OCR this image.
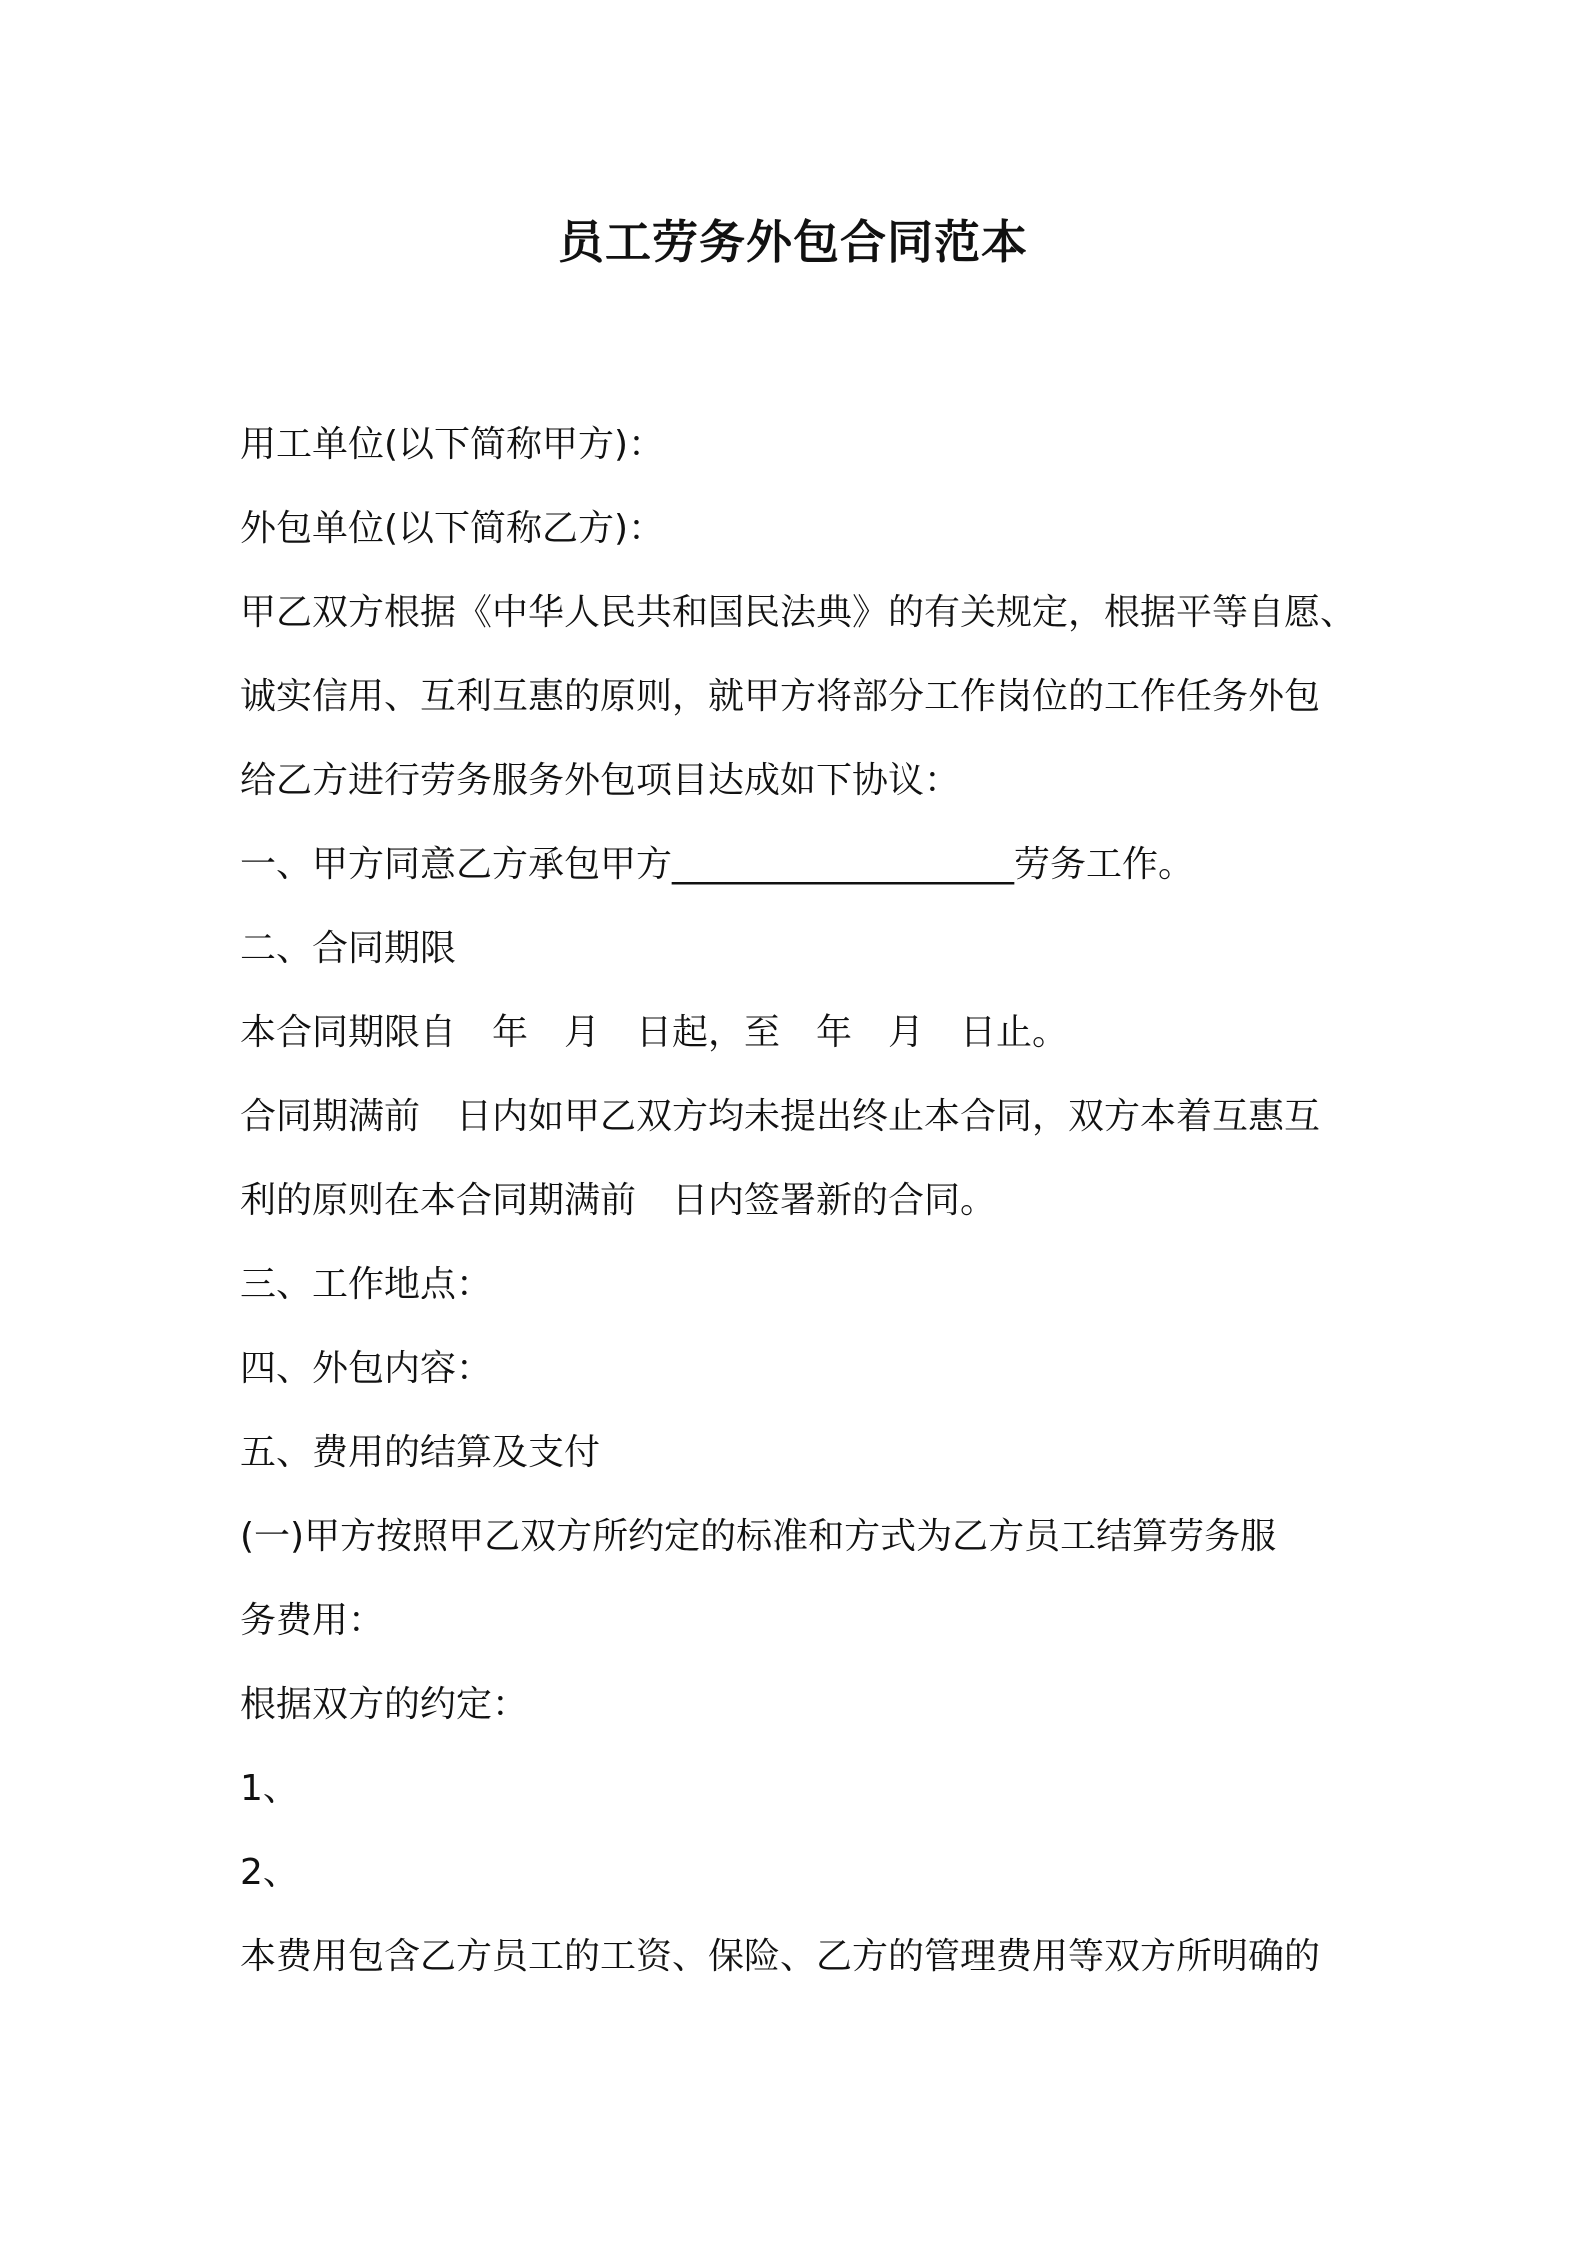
员工劳务外包合同范本
用工单位(以下简称甲方)：
外包单位(以下简称乙方)：
甲乙双方根据《中华人民共和国民法典》的有关规定，根据平等自愿、
诚实信用、互利互惠的原则，就甲方将部分工作岗位的工作任务外包
给乙方进行劳务服务外包项目达成如下协议：
一、甲方同意乙方承包甲方___________________劳务工作。
二、合同期限
本合同期限自　年　月　日起，至　年　月　日止。
合同期满前　日内如甲乙双方均未提出终止本合同，双方本着互惠互
利的原则在本合同期满前　日内签署新的合同。
三、工作地点：
四、外包内容：
五、费用的结算及支付
(一)甲方按照甲乙双方所约定的标准和方式为乙方员工结算劳务服
务费用：
根据双方的约定：
1、
2、
本费用包含乙方员工的工资、保险、乙方的管理费用等双方所明确的
